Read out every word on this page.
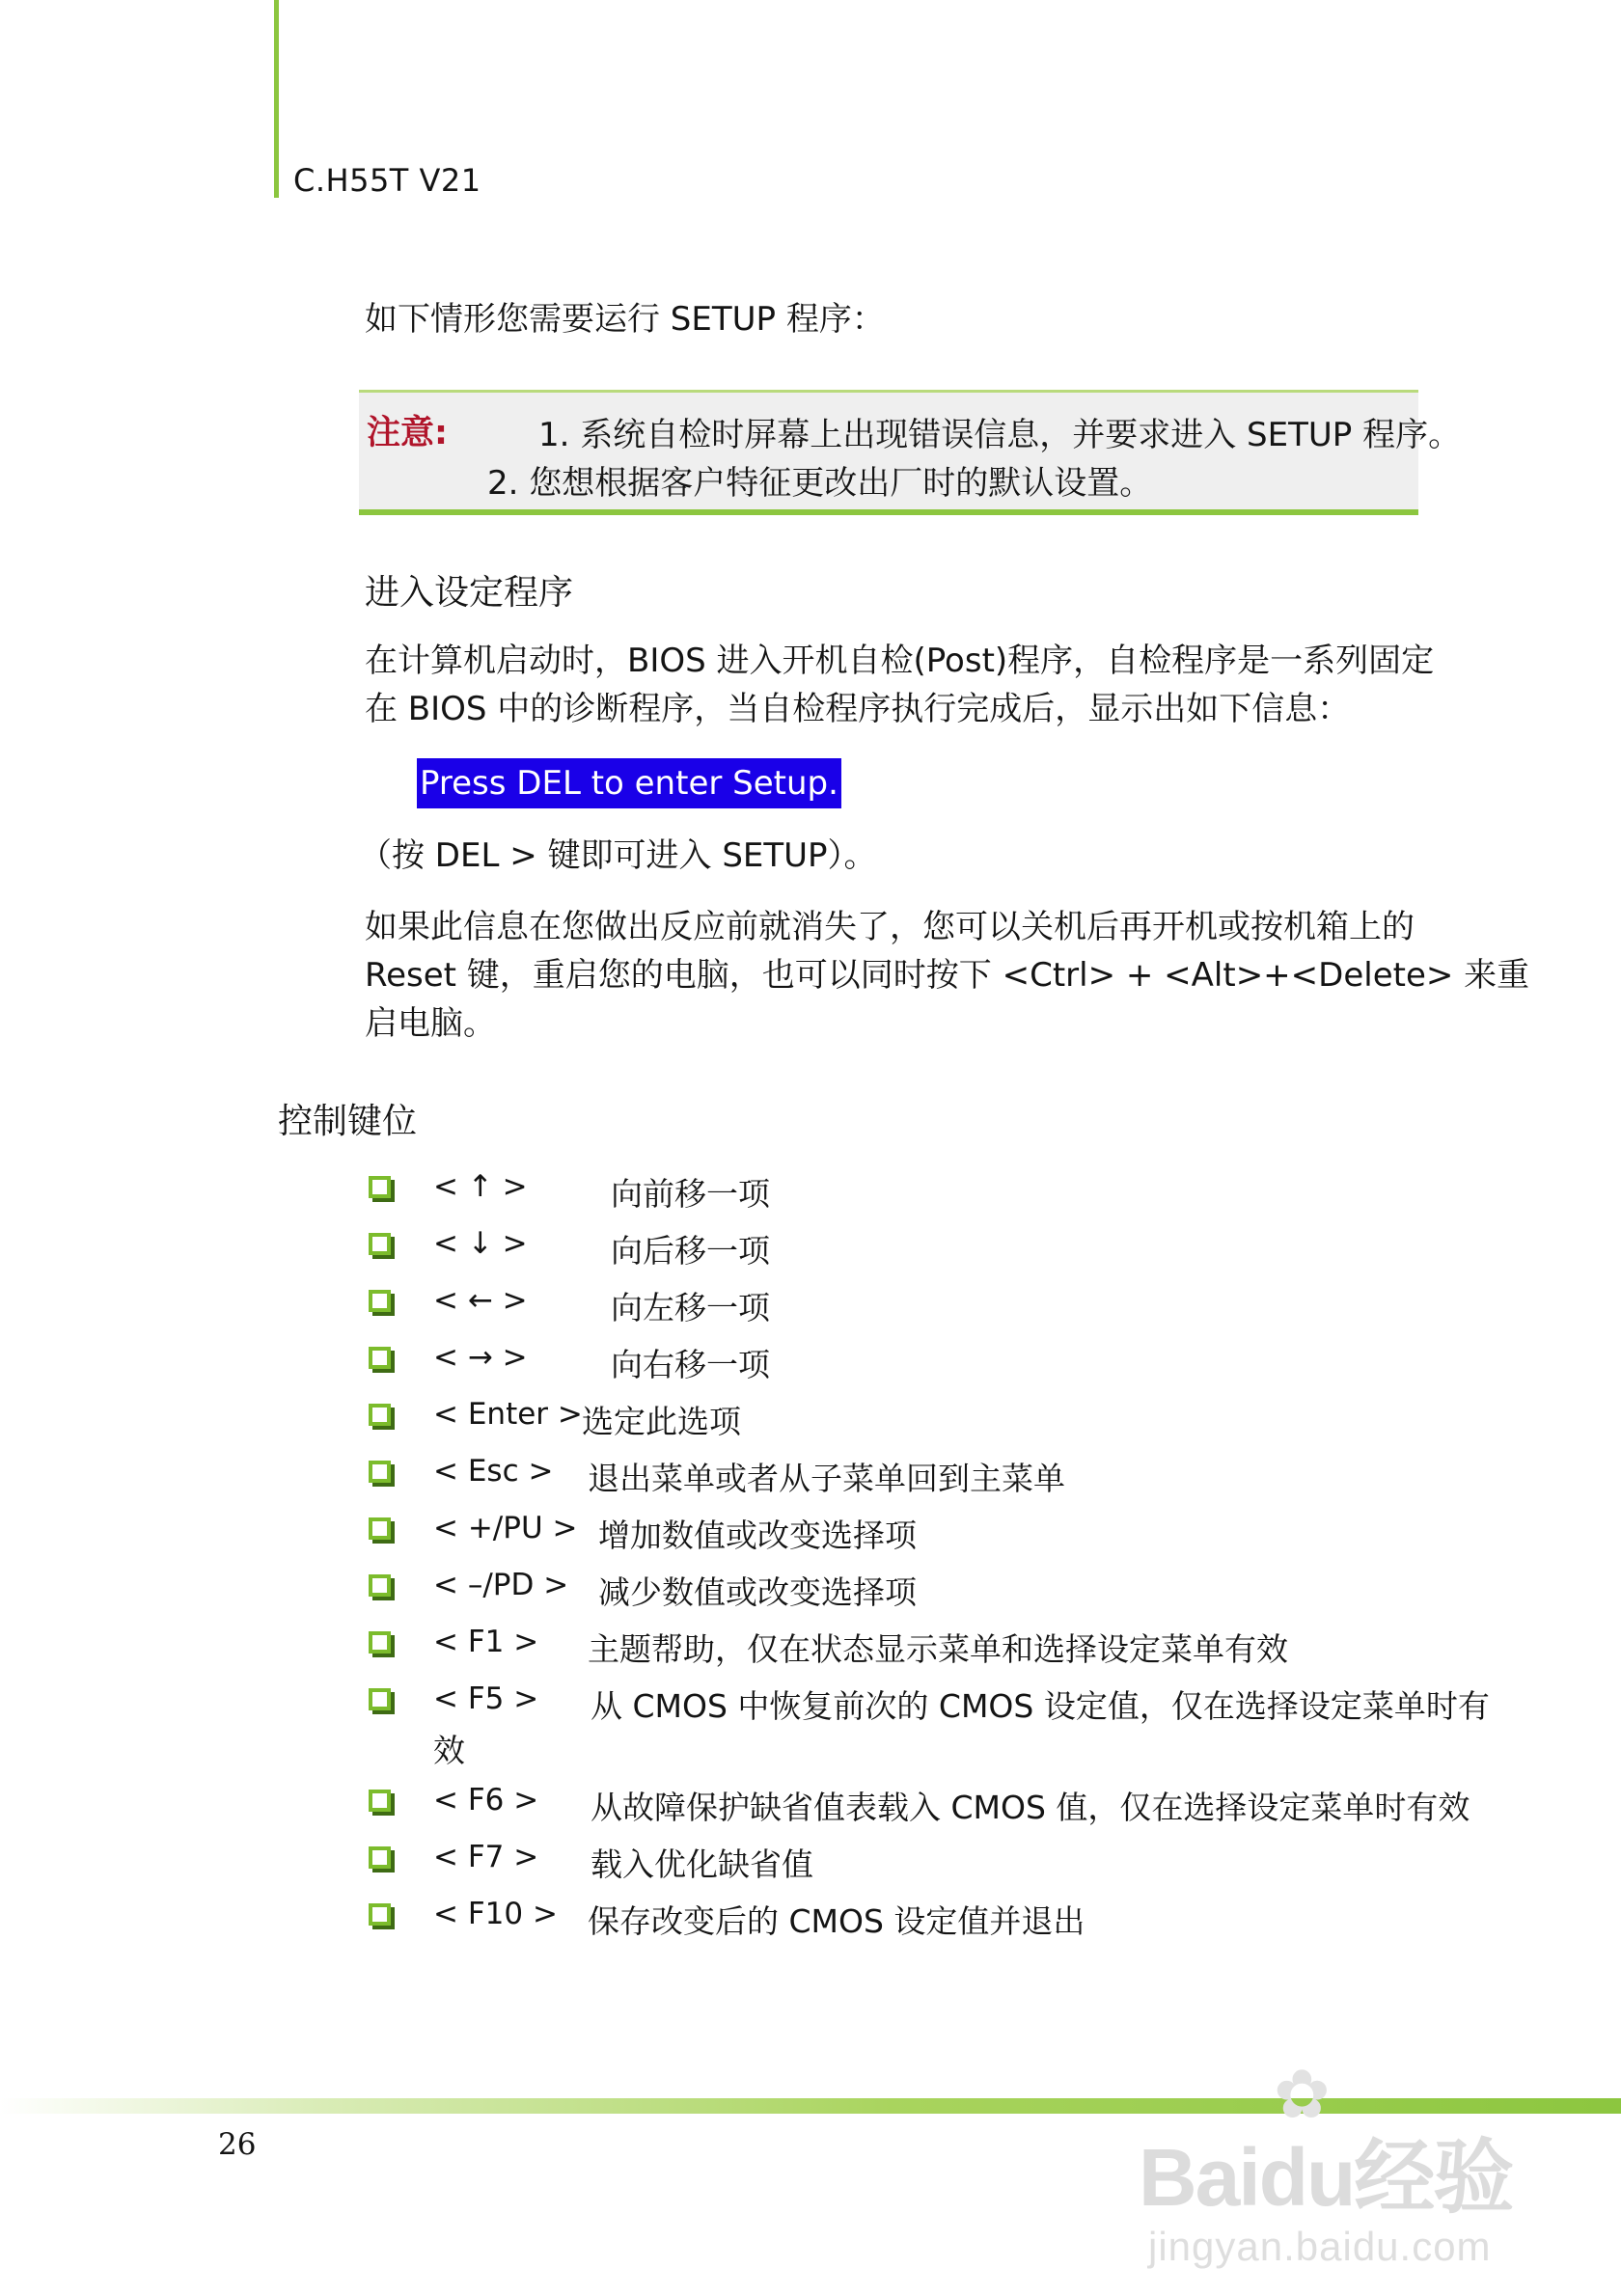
C.H55T V21
如下情形您需要运行 SETUP 程序：
注意:	1. 系统自检时屏幕上出现错误信息，并要求进入 SETUP 程序。
2. 您想根据客户特征更改出厂时的默认设置。
进入设定程序
在计算机启动时，BIOS 进入开机自检(Post)程序，自检程序是一系列固定
在 BIOS 中的诊断程序，当自检程序执行完成后，显示出如下信息：
Press DEL to enter Setup.
（按 DEL > 键即可进入 SETUP）。
如果此信息在您做出反应前就消失了，您可以关机后再开机或按机箱上的
Reset 键，重启您的电脑，也可以同时按下 <Ctrl> + <Alt>+<Delete> 来重
启电脑。
控制键位
< ↑ >	向前移一项
< ↓ >	向后移一项
< ← >	向左移一项
< → >	向右移一项
< Enter > 选定此选项
< Esc > 退出菜单或者从子菜单回到主菜单
< +/PU > 增加数值或改变选择项
< –/PD > 减少数值或改变选择项
< F1 > 主题帮助，仅在状态显示菜单和选择设定菜单有效
< F5 > 从 CMOS 中恢复前次的 CMOS 设定值，仅在选择设定菜单时有
效
< F6 > 从故障保护缺省值表载入 CMOS 值，仅在选择设定菜单时有效
< F7 > 载入优化缺省值
< F10 > 保存改变后的 CMOS 设定值并退出
26
✿
Baidu经验
jingyan.baidu.com
